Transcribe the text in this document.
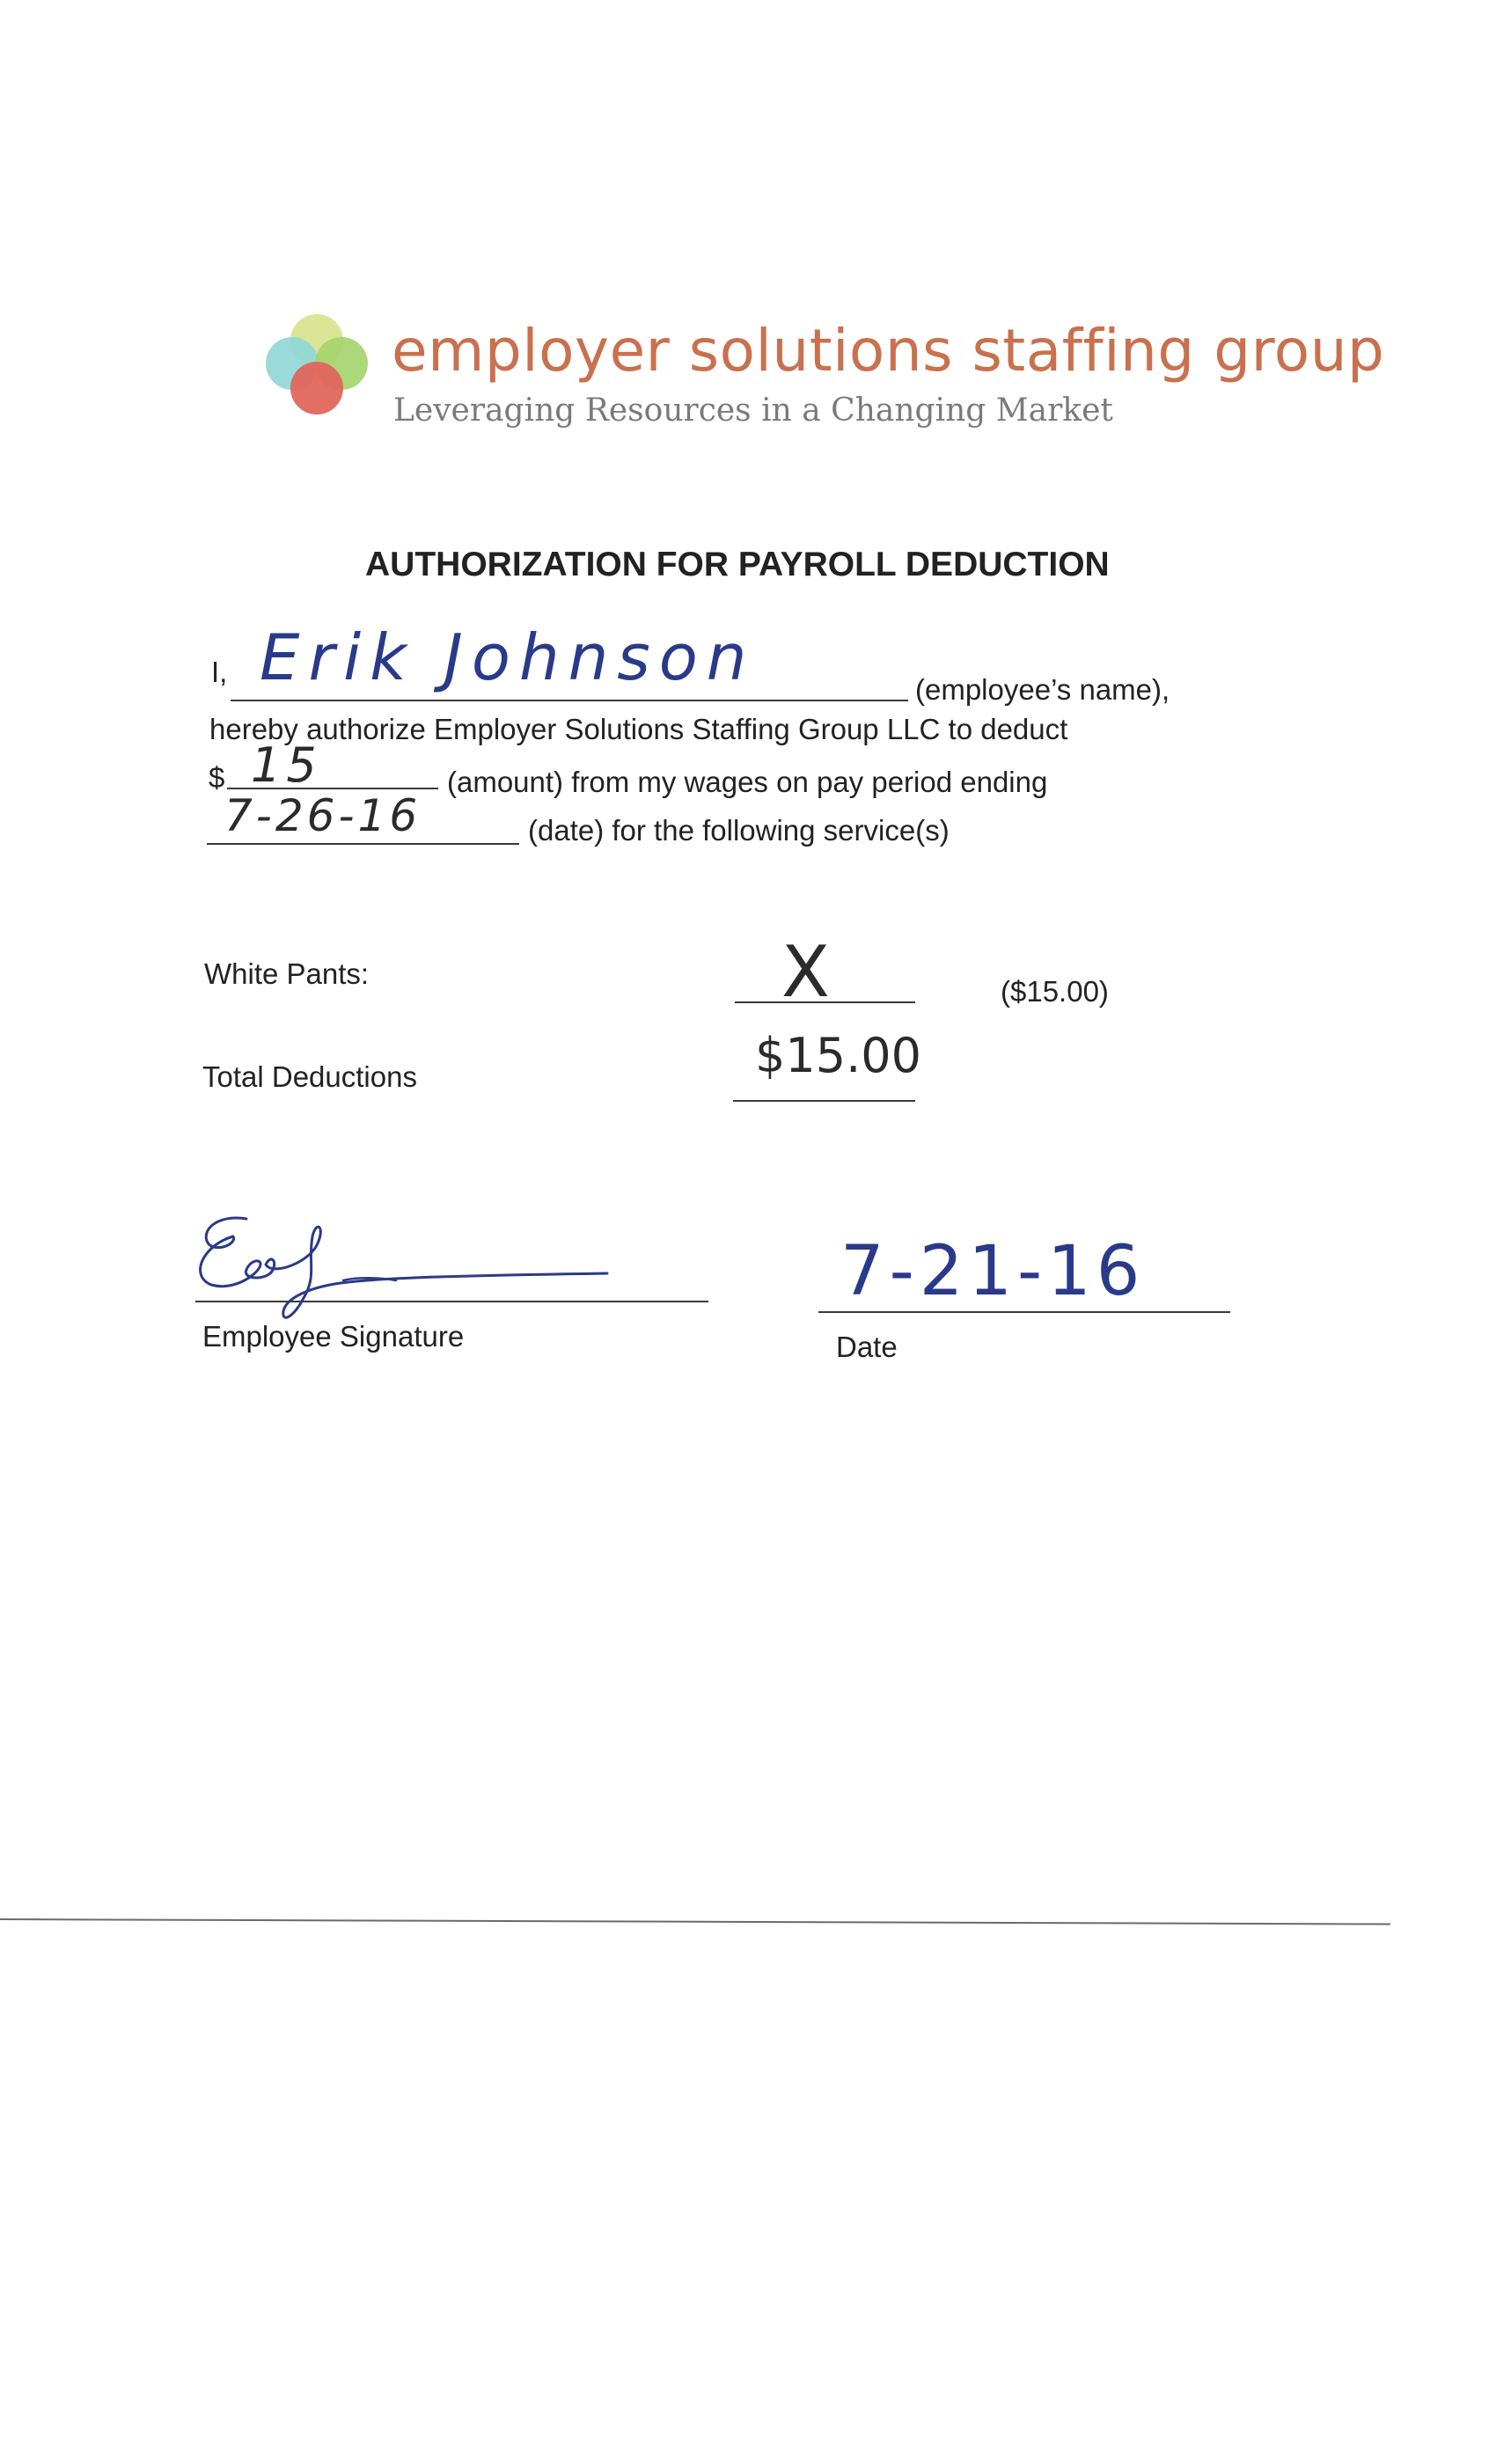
employer solutions staffing group
Leveraging Resources in a Changing Market
AUTHORIZATION FOR PAYROLL DEDUCTION
I, Erik Johnson	(employee’s name),
hereby authorize Employer Solutions Staffing Group LLC to deduct
$ 15	(amount) from my wages on pay period ending
7-26-16	(date) for the following service(s)
White Pants:	X	($15.00)
Total Deductions	$15.00
Employee Signature
7-21-16
Date
